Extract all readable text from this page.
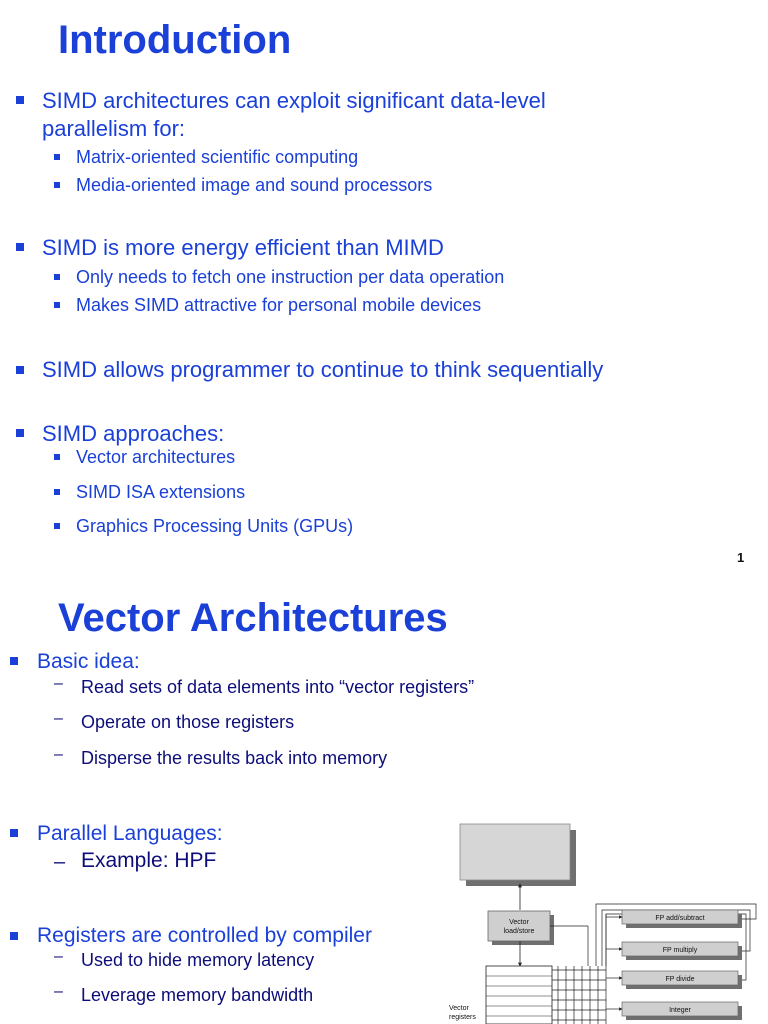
Introduction
SIMD architectures can exploit significant data-level
parallelism for:
Matrix-oriented scientific computing
Media-oriented image and sound processors
SIMD is more energy efficient than MIMD
Only needs to fetch one instruction per data operation
Makes SIMD attractive for personal mobile devices
SIMD allows programmer to continue to think sequentially
SIMD approaches:
Vector architectures
SIMD ISA extensions
Graphics Processing Units (GPUs)
1
Vector Architectures
Basic idea:
– Read sets of data elements into “vector registers”
– Operate on those registers
– Disperse the results back into memory
Parallel Languages:
– Example: HPF
Registers are controlled by compiler
– Used to hide memory latency
– Leverage memory bandwidth
Vector
load/store
Vector
registers
FP add/subtract
FP multiply
FP divide
Integer
